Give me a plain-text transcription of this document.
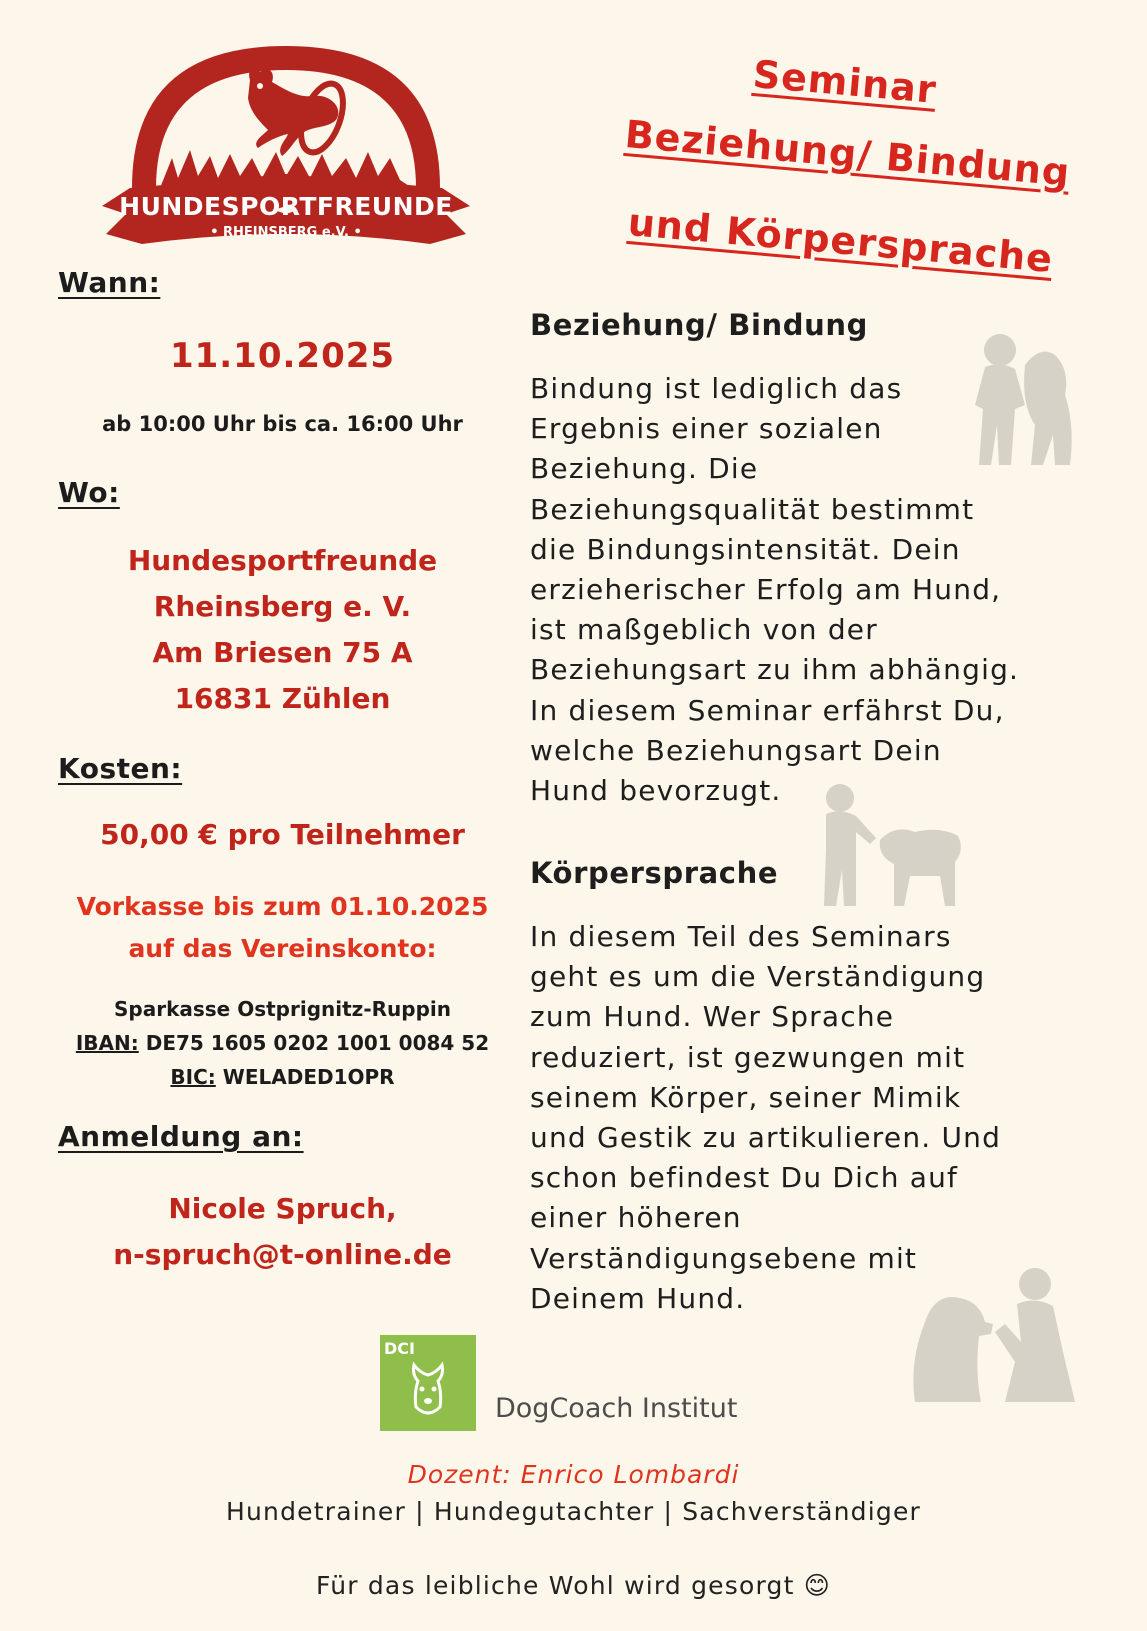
HUNDESPORTFREUNDE
• RHEINSBERG e.V. •
Seminar
Beziehung/ Bindung
und Körpersprache
Wann:
11.10.2025
ab 10:00 Uhr bis ca. 16:00 Uhr
Wo:
Hundesportfreunde
Rheinsberg e. V.
Am Briesen 75 A
16831 Zühlen
Kosten:
50,00 € pro Teilnehmer
Vorkasse bis zum 01.10.2025
auf das Vereinskonto:
Sparkasse Ostprignitz-Ruppin
IBAN: DE75 1605 0202 1001 0084 52
BIC: WELADED1OPR
Anmeldung an:
Nicole Spruch,
n-spruch@t-online.de
Beziehung/ Bindung
Bindung ist lediglich das
Ergebnis einer sozialen
Beziehung. Die
Beziehungsqualität bestimmt
die Bindungsintensität. Dein
erzieherischer Erfolg am Hund,
ist maßgeblich von der
Beziehungsart zu ihm abhängig.
In diesem Seminar erfährst Du,
welche Beziehungsart Dein
Hund bevorzugt.
Körpersprache
In diesem Teil des Seminars
geht es um die Verständigung
zum Hund. Wer Sprache
reduziert, ist gezwungen mit
seinem Körper, seiner Mimik
und Gestik zu artikulieren. Und
schon befindest Du Dich auf
einer höheren
Verständigungsebene mit
Deinem Hund.
DCI
DogCoach Institut
Dozent: Enrico Lombardi
Hundetrainer | Hundegutachter | Sachverständiger
Für das leibliche Wohl wird gesorgt 😊
